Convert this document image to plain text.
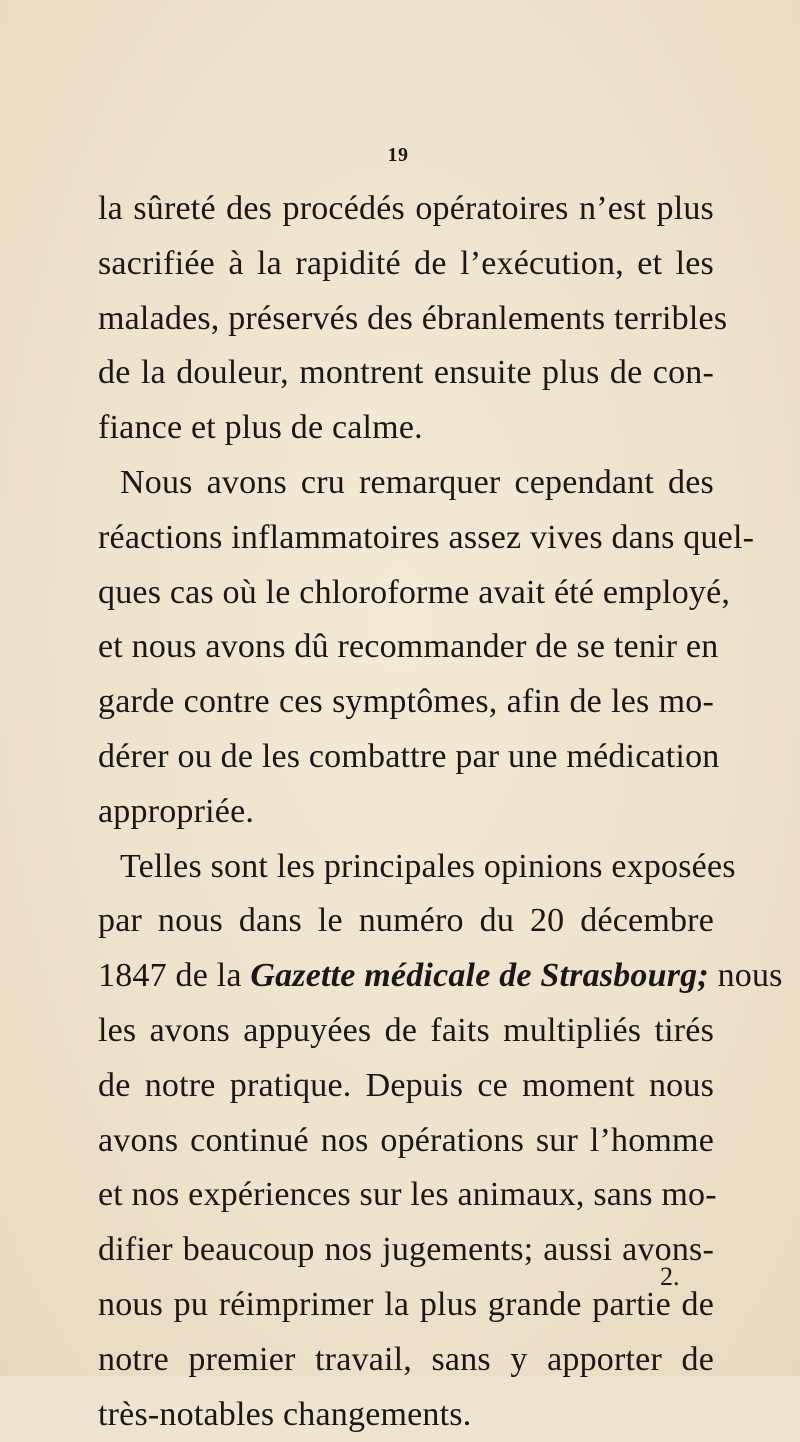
19
la sûreté des procédés opératoires n’est plus
sacrifiée à la rapidité de l’exécution, et les
malades, préservés des ébranlements terribles
de la douleur, montrent ensuite plus de con-
fiance et plus de calme.
Nous avons cru remarquer cependant des
réactions inflammatoires assez vives dans quel-
ques cas où le chloroforme avait été employé,
et nous avons dû recommander de se tenir en
garde contre ces symptômes, afin de les mo-
dérer ou de les combattre par une médication
appropriée.
Telles sont les principales opinions exposées
par nous dans le numéro du 20 décembre
1847 de la Gazette médicale de Strasbourg; nous
les avons appuyées de faits multipliés tirés
de notre pratique. Depuis ce moment nous
avons continué nos opérations sur l’homme
et nos expériences sur les animaux, sans mo-
difier beaucoup nos jugements; aussi avons-
nous pu réimprimer la plus grande partie de
notre premier travail, sans y apporter de
très-notables changements.
2.
